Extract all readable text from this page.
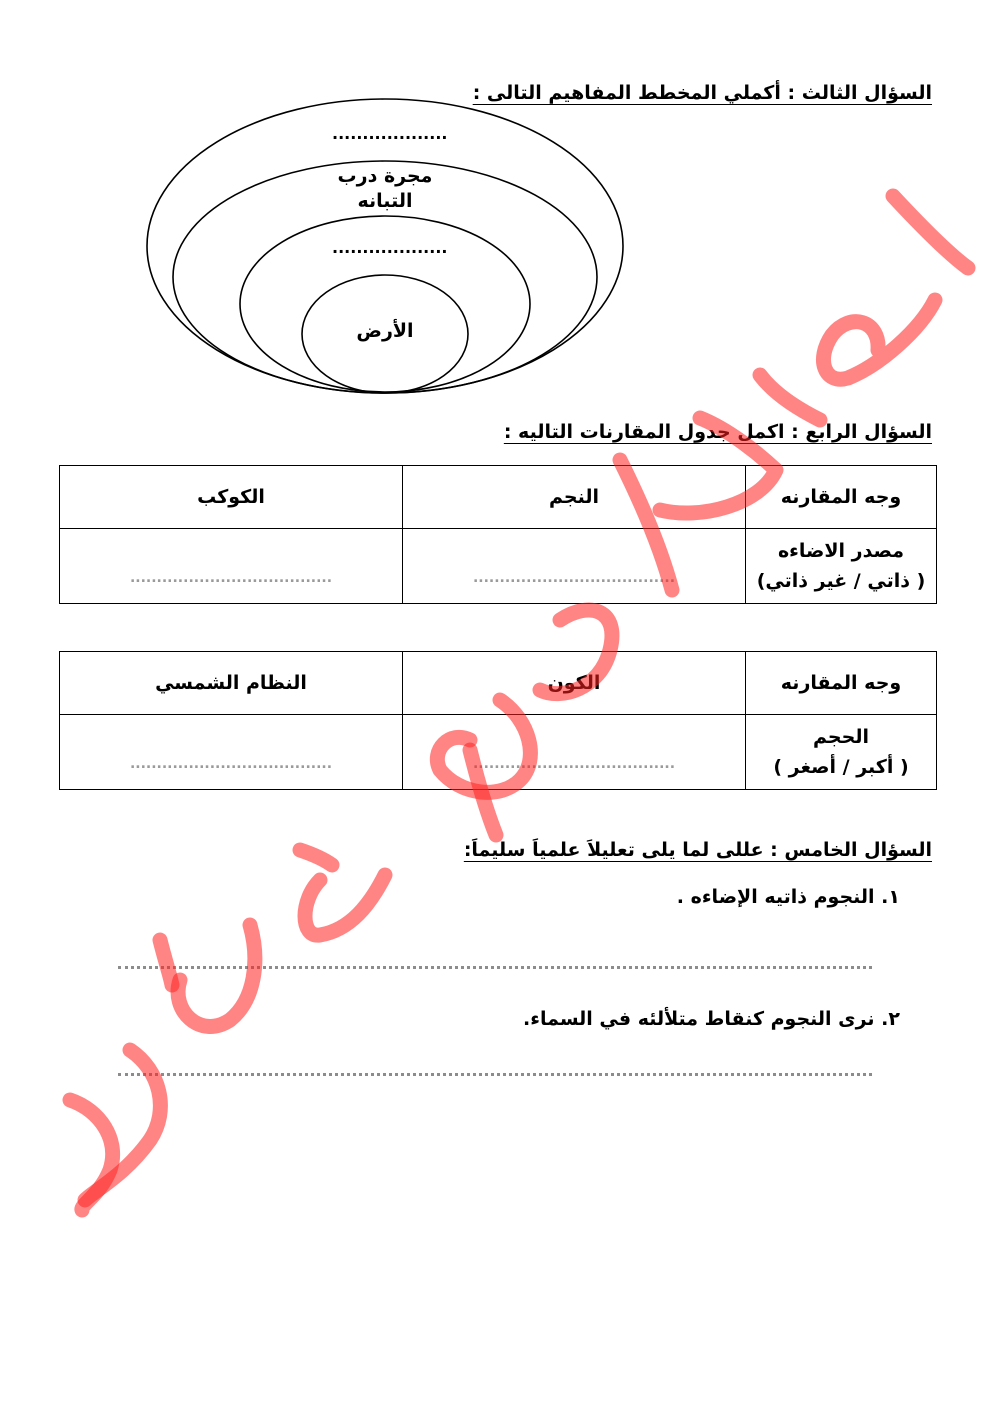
السؤال الثالث : أكملي المخطط المفاهيم التالى :
...................
مجرة درب
التبانه
...................
الأرض
السؤال الرابع : اكمل جدول المقارنات التاليه :
وجه المقارنه	النجم	الكوكب

مصدر الاضاءه
( ذاتي / غير ذاتي)	......................................	......................................
وجه المقارنه	الكون	النظام الشمسي

الحجم
( أكبر / أصغر )	......................................	......................................
السؤال الخامس : عللى لما يلى تعليلاَ علمياَ سليماَ:
١. النجوم ذاتيه الإضاءه .
٢. نرى النجوم كنقاط متلألئه في السماء.
